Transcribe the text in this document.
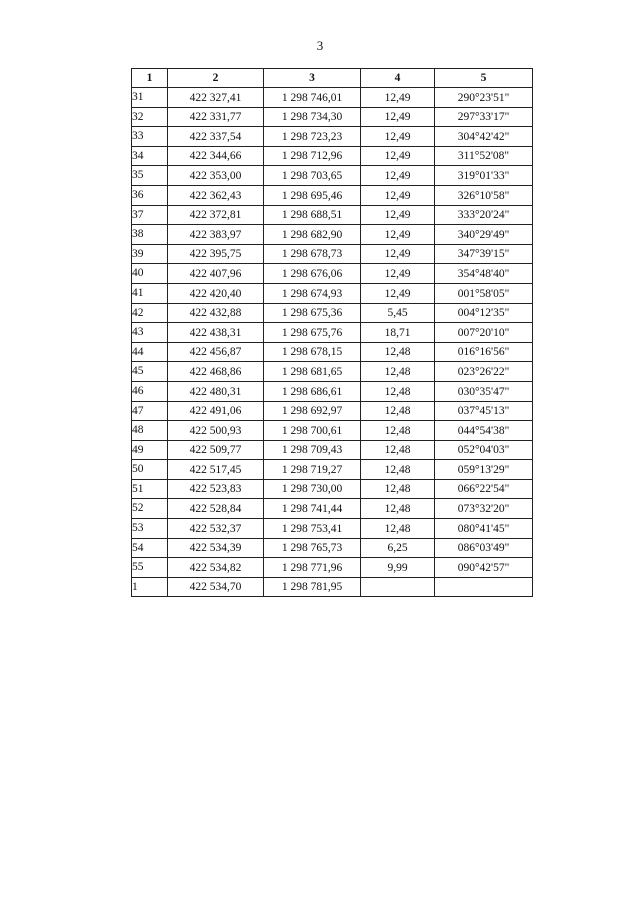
3
1	2	3	4	5
31	422 327,41	1 298 746,01	12,49	290°23'51"
32	422 331,77	1 298 734,30	12,49	297°33'17"
33	422 337,54	1 298 723,23	12,49	304°42'42"
34	422 344,66	1 298 712,96	12,49	311°52'08"
35	422 353,00	1 298 703,65	12,49	319°01'33"
36	422 362,43	1 298 695,46	12,49	326°10'58"
37	422 372,81	1 298 688,51	12,49	333°20'24"
38	422 383,97	1 298 682,90	12,49	340°29'49"
39	422 395,75	1 298 678,73	12,49	347°39'15"
40	422 407,96	1 298 676,06	12,49	354°48'40"
41	422 420,40	1 298 674,93	12,49	001°58'05"
42	422 432,88	1 298 675,36	5,45	004°12'35"
43	422 438,31	1 298 675,76	18,71	007°20'10"
44	422 456,87	1 298 678,15	12,48	016°16'56"
45	422 468,86	1 298 681,65	12,48	023°26'22"
46	422 480,31	1 298 686,61	12,48	030°35'47"
47	422 491,06	1 298 692,97	12,48	037°45'13"
48	422 500,93	1 298 700,61	12,48	044°54'38"
49	422 509,77	1 298 709,43	12,48	052°04'03"
50	422 517,45	1 298 719,27	12,48	059°13'29"
51	422 523,83	1 298 730,00	12,48	066°22'54"
52	422 528,84	1 298 741,44	12,48	073°32'20"
53	422 532,37	1 298 753,41	12,48	080°41'45"
54	422 534,39	1 298 765,73	6,25	086°03'49"
55	422 534,82	1 298 771,96	9,99	090°42'57"
1	422 534,70	1 298 781,95		
